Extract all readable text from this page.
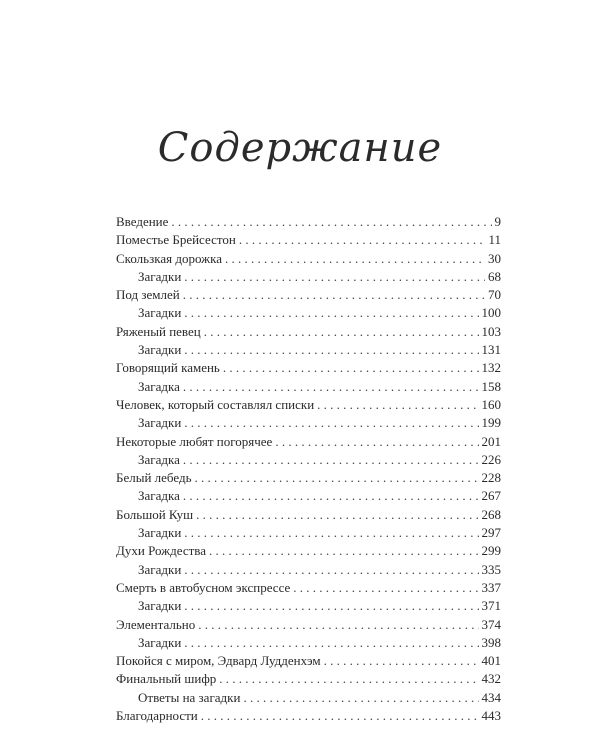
Содержание
Введение . . .	9
Поместье Брейсестон . . .	11
Скользкая дорожка . . .	30
Загадки . . .	68
Под землей . . .	70
Загадки . . .	100
Ряженый певец . . .	103
Загадки . . .	131
Говорящий камень . . .	132
Загадка . . .	158
Человек, который составлял списки . . .	160
Загадки . . .	199
Некоторые любят погорячее . . .	201
Загадка . . .	226
Белый лебедь . . .	228
Загадка . . .	267
Большой Куш . . .	268
Загадки . . .	297
Духи Рождества . . .	299
Загадки . . .	335
Смерть в автобусном экспрессе . . .	337
Загадки . . .	371
Элементально . . .	374
Загадки . . .	398
Покойся с миром, Эдвард Лудденхэм . . .	401
Финальный шифр . . .	432
Ответы на загадки . . .	434
Благодарности . . .	443
